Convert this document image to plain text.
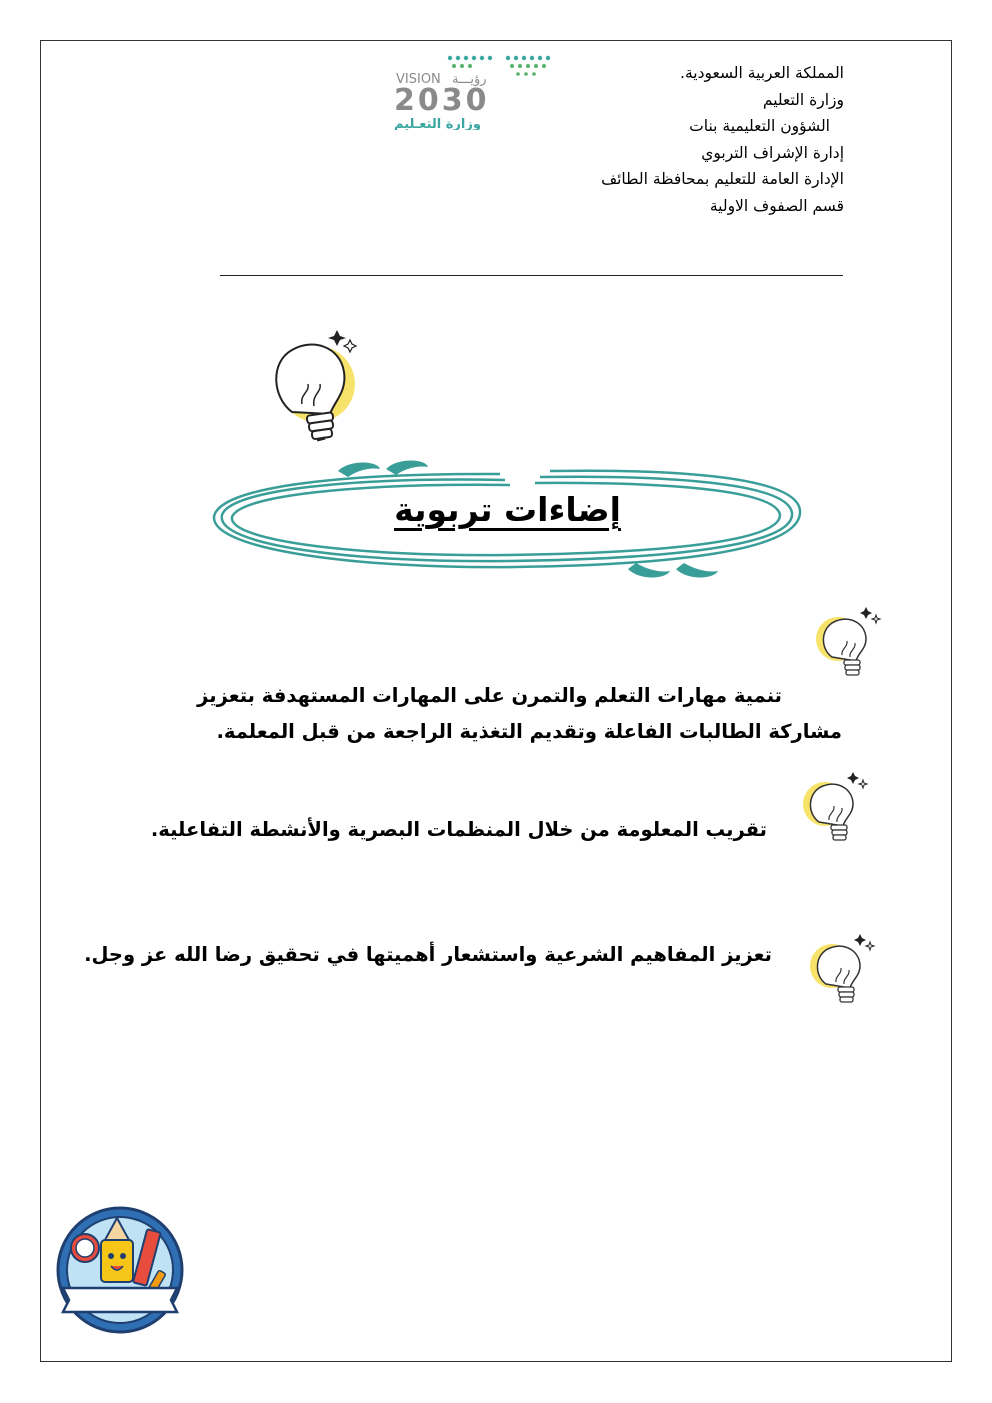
المملكة العربية السعودية.
وزارة التعليم
الشؤون التعليمية بنات
إدارة الإشراف التربوي
الإدارة العامة للتعليم بمحافظة الطائف
قسم الصفوف الاولية
VISION رؤيـــة
2030
وزارة التعـليم
إضاءات تربوية
تنمية مهارات التعلم والتمرن على المهارات المستهدفة بتعزيز مشاركة الطالبات الفاعلة وتقديم التغذية الراجعة من قبل المعلمة.
تقريب المعلومة من خلال المنظمات البصرية والأنشطة التفاعلية.
تعزيز المفاهيم الشرعية واستشعار أهميتها في تحقيق رضا الله عز وجل.
